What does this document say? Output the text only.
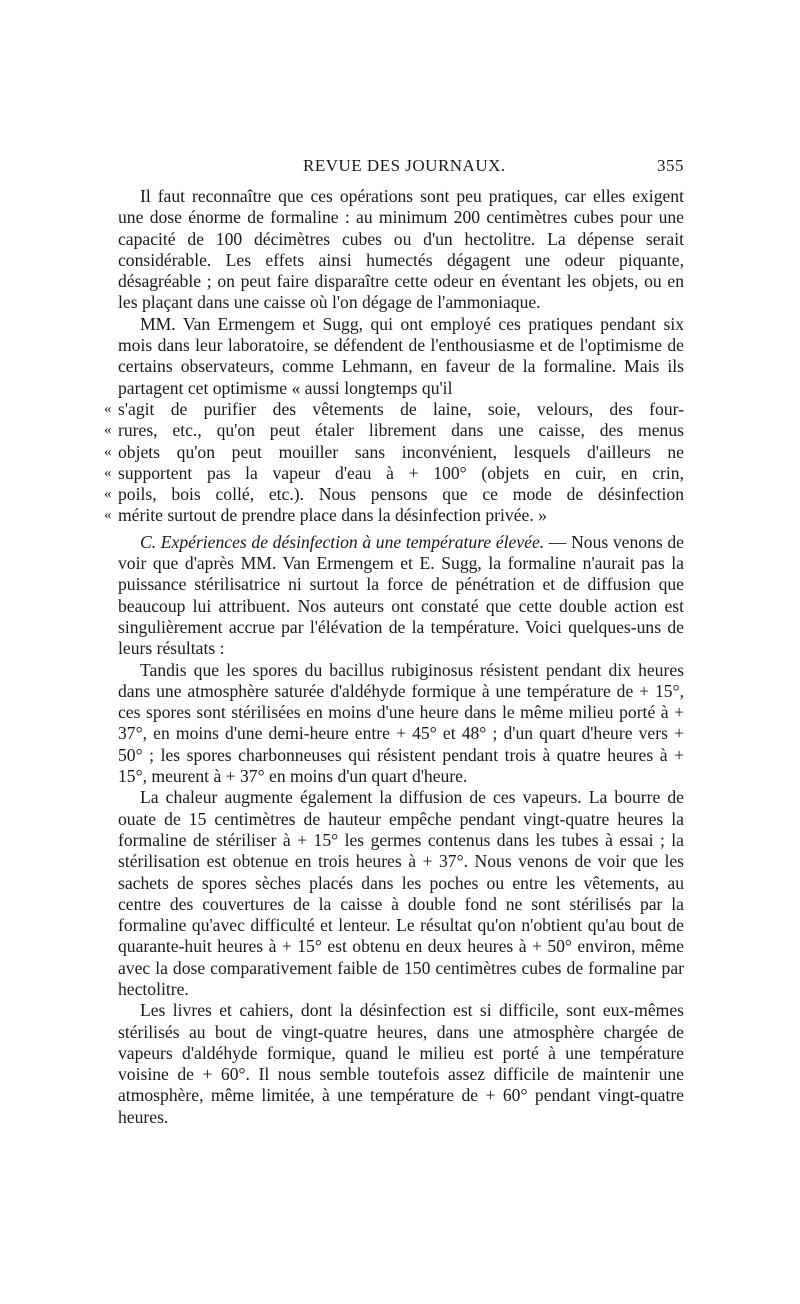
REVUE DES JOURNAUX.	355

Il faut reconnaître que ces opérations sont peu pratiques, car elles exigent une dose énorme de formaline : au minimum 200 centimètres cubes pour une capacité de 100 décimètres cubes ou d'un hectolitre. La dépense serait considérable. Les effets ainsi humectés dégagent une odeur piquante, désagréable ; on peut faire disparaître cette odeur en éventant les objets, ou en les plaçant dans une caisse où l'on dégage de l'ammoniaque.

MM. Van Ermengem et Sugg, qui ont employé ces pratiques pendant six mois dans leur laboratoire, se défendent de l'enthousiasme et de l'optimisme de certains observateurs, comme Lehmann, en faveur de la formaline. Mais ils partagent cet optimisme « aussi longtemps qu'il

« s'agit de purifier des vêtements de laine, soie, velours, des four-
« rures, etc., qu'on peut étaler librement dans une caisse, des menus
« objets qu'on peut mouiller sans inconvénient, lesquels d'ailleurs ne
« supportent pas la vapeur d'eau à + 100° (objets en cuir, en crin,
« poils, bois collé, etc.). Nous pensons que ce mode de désinfection
« mérite surtout de prendre place dans la désinfection privée. »

C. Expériences de désinfection à une température élevée. — Nous venons de voir que d'après MM. Van Ermengem et E. Sugg, la formaline n'aurait pas la puissance stérilisatrice ni surtout la force de pénétration et de diffusion que beaucoup lui attribuent. Nos auteurs ont constaté que cette double action est singulièrement accrue par l'élévation de la température. Voici quelques-uns de leurs résultats :

Tandis que les spores du bacillus rubiginosus résistent pendant dix heures dans une atmosphère saturée d'aldéhyde formique à une température de + 15°, ces spores sont stérilisées en moins d'une heure dans le même milieu porté à + 37°, en moins d'une demi-heure entre + 45° et 48° ; d'un quart d'heure vers + 50° ; les spores charbonneuses qui résistent pendant trois à quatre heures à + 15°, meurent à + 37° en moins d'un quart d'heure.

La chaleur augmente également la diffusion de ces vapeurs. La bourre de ouate de 15 centimètres de hauteur empêche pendant vingt-quatre heures la formaline de stériliser à + 15° les germes contenus dans les tubes à essai ; la stérilisation est obtenue en trois heures à + 37°. Nous venons de voir que les sachets de spores sèches placés dans les poches ou entre les vêtements, au centre des couvertures de la caisse à double fond ne sont stérilisés par la formaline qu'avec difficulté et lenteur. Le résultat qu'on n'obtient qu'au bout de quarante-huit heures à + 15° est obtenu en deux heures à + 50° environ, même avec la dose comparativement faible de 150 centimètres cubes de formaline par hectolitre.

Les livres et cahiers, dont la désinfection est si difficile, sont eux-mêmes stérilisés au bout de vingt-quatre heures, dans une atmosphère chargée de vapeurs d'aldéhyde formique, quand le milieu est porté à une température voisine de + 60°. Il nous semble toutefois assez difficile de maintenir une atmosphère, même limitée, à une température de + 60° pendant vingt-quatre heures.
